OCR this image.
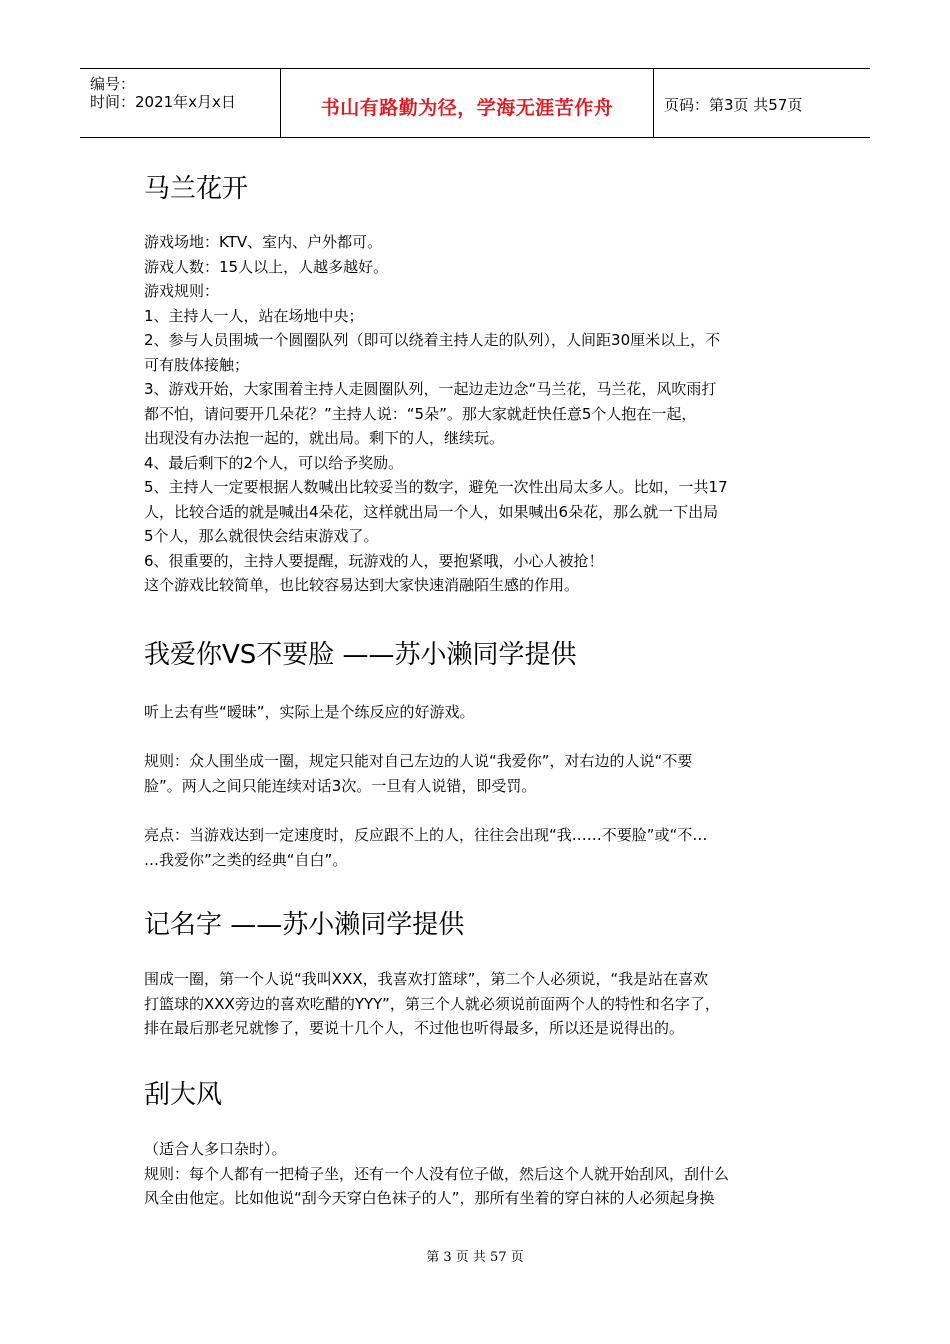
编号：
时间：2021年x月x日	书山有路勤为径，学海无涯苦作舟	页码：第3页 共57页
马兰花开
游戏场地：KTV、室内、户外都可。
游戏人数：15人以上，人越多越好。
游戏规则：
1、主持人一人，站在场地中央；
2、参与人员围城一个圆圈队列（即可以绕着主持人走的队列），人间距30厘米以上，不
可有肢体接触；
3、游戏开始，大家围着主持人走圆圈队列，一起边走边念“马兰花，马兰花，风吹雨打
都不怕，请问要开几朵花？”主持人说：“5朵”。那大家就赶快任意5个人抱在一起，
出现没有办法抱一起的，就出局。剩下的人，继续玩。
4、最后剩下的2个人，可以给予奖励。
5、主持人一定要根据人数喊出比较妥当的数字，避免一次性出局太多人。比如，一共17
人，比较合适的就是喊出4朵花，这样就出局一个人，如果喊出6朵花，那么就一下出局
5个人，那么就很快会结束游戏了。
6、很重要的，主持人要提醒，玩游戏的人，要抱紧哦，小心人被抢！
这个游戏比较简单，也比较容易达到大家快速消融陌生感的作用。
我爱你VS不要脸 ——苏小濑同学提供
听上去有些“暧昧”，实际上是个练反应的好游戏。
规则：众人围坐成一圈，规定只能对自己左边的人说“我爱你”，对右边的人说“不要
脸”。两人之间只能连续对话3次。一旦有人说错，即受罚。
亮点：当游戏达到一定速度时，反应跟不上的人，往往会出现“我……不要脸”或“不…
…我爱你”之类的经典“自白”。
记名字 ——苏小濑同学提供
围成一圈，第一个人说“我叫XXX，我喜欢打篮球”，第二个人必须说，“我是站在喜欢
打篮球的XXX旁边的喜欢吃醋的YYY”，第三个人就必须说前面两个人的特性和名字了，
排在最后那老兄就惨了，要说十几个人，不过他也听得最多，所以还是说得出的。
刮大风
（适合人多口杂时）。
规则：每个人都有一把椅子坐，还有一个人没有位子做，然后这个人就开始刮风，刮什么
风全由他定。比如他说“刮今天穿白色袜子的人”，那所有坐着的穿白袜的人必须起身换
第 3 页 共 57 页
